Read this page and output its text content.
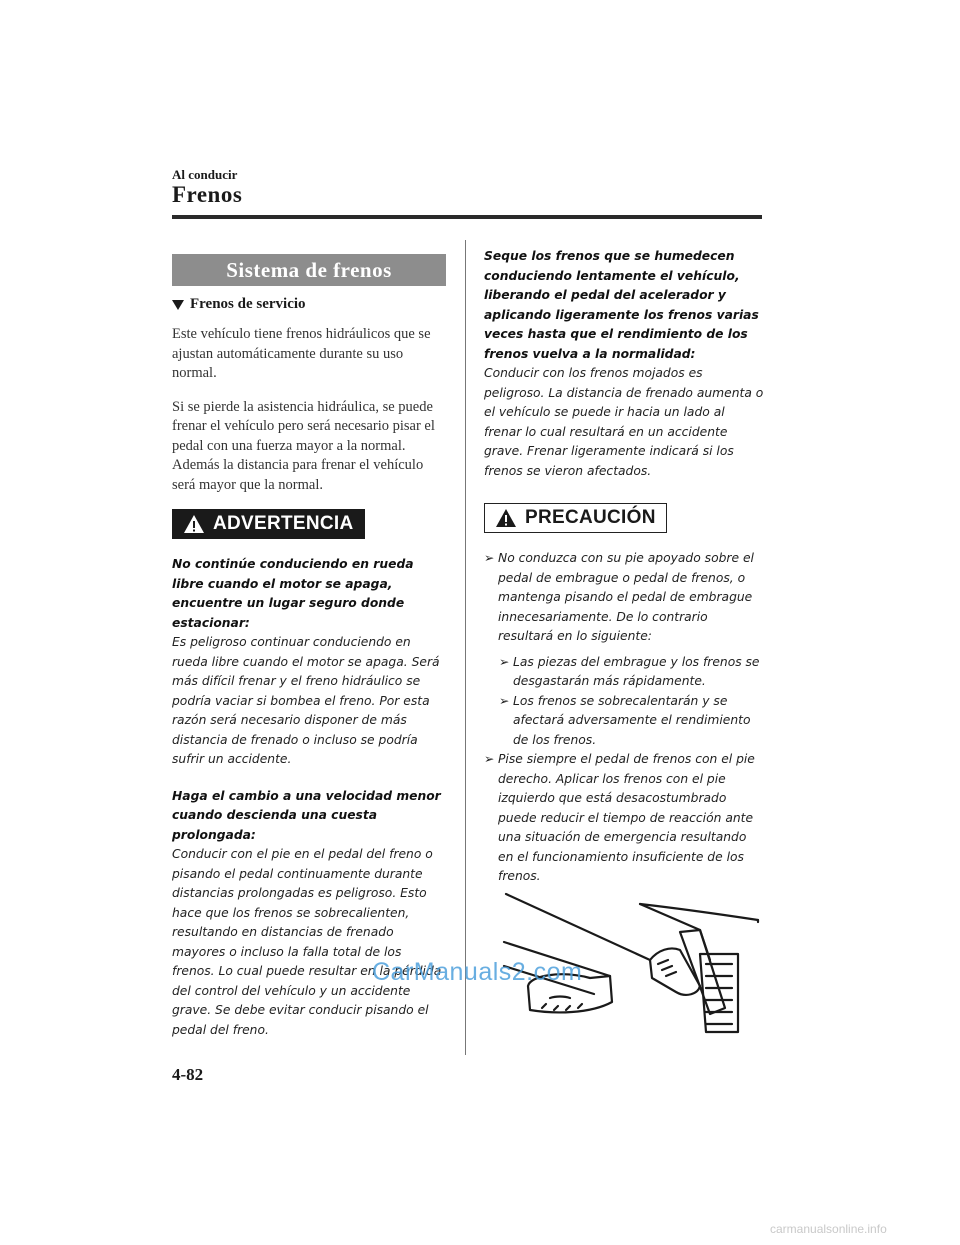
Al conducir
Frenos
Sistema de frenos
Frenos de servicio

Este vehículo tiene frenos hidráulicos que se ajustan automáticamente durante su uso normal.

Si se pierde la asistencia hidráulica, se puede frenar el vehículo pero será necesario pisar el pedal con una fuerza mayor a la normal. Además la distancia para frenar el vehículo será mayor que la normal.

ADVERTENCIA

No continúe conduciendo en rueda libre cuando el motor se apaga, encuentre un lugar seguro donde estacionar:

Es peligroso continuar conduciendo en rueda libre cuando el motor se apaga. Será más difícil frenar y el freno hidráulico se podría vaciar si bombea el freno. Por esta razón será necesario disponer de más distancia de frenado o incluso se podría sufrir un accidente.

Haga el cambio a una velocidad menor cuando descienda una cuesta prolongada:

Conducir con el pie en el pedal del freno o pisando el pedal continuamente durante distancias prolongadas es peligroso. Esto hace que los frenos se sobrecalienten, resultando en distancias de frenado mayores o incluso la falla total de los frenos. Lo cual puede resultar en la pérdida del control del vehículo y un accidente grave. Se debe evitar conducir pisando el pedal del freno.

Seque los frenos que se humedecen conduciendo lentamente el vehículo, liberando el pedal del acelerador y aplicando ligeramente los frenos varias veces hasta que el rendimiento de los frenos vuelva a la normalidad:

Conducir con los frenos mojados es peligroso. La distancia de frenado aumenta o el vehículo se puede ir hacia un lado al frenar lo cual resultará en un accidente grave. Frenar ligeramente indicará si los frenos se vieron afectados.

PRECAUCIÓN
➢ No conduzca con su pie apoyado sobre el pedal de embrague o pedal de frenos, o mantenga pisando el pedal de embrague innecesariamente. De lo contrario resultará en lo siguiente:
➢ Las piezas del embrague y los frenos se desgastarán más rápidamente.
➢ Los frenos se sobrecalentarán y se afectará adversamente el rendimiento de los frenos.
➢ Pise siempre el pedal de frenos con el pie derecho. Aplicar los frenos con el pie izquierdo que está desacostumbrado puede reducir el tiempo de reacción ante una situación de emergencia resultando en el funcionamiento insuficiente de los frenos.
CarManuals2.com
4-82
carmanualsonline.info
